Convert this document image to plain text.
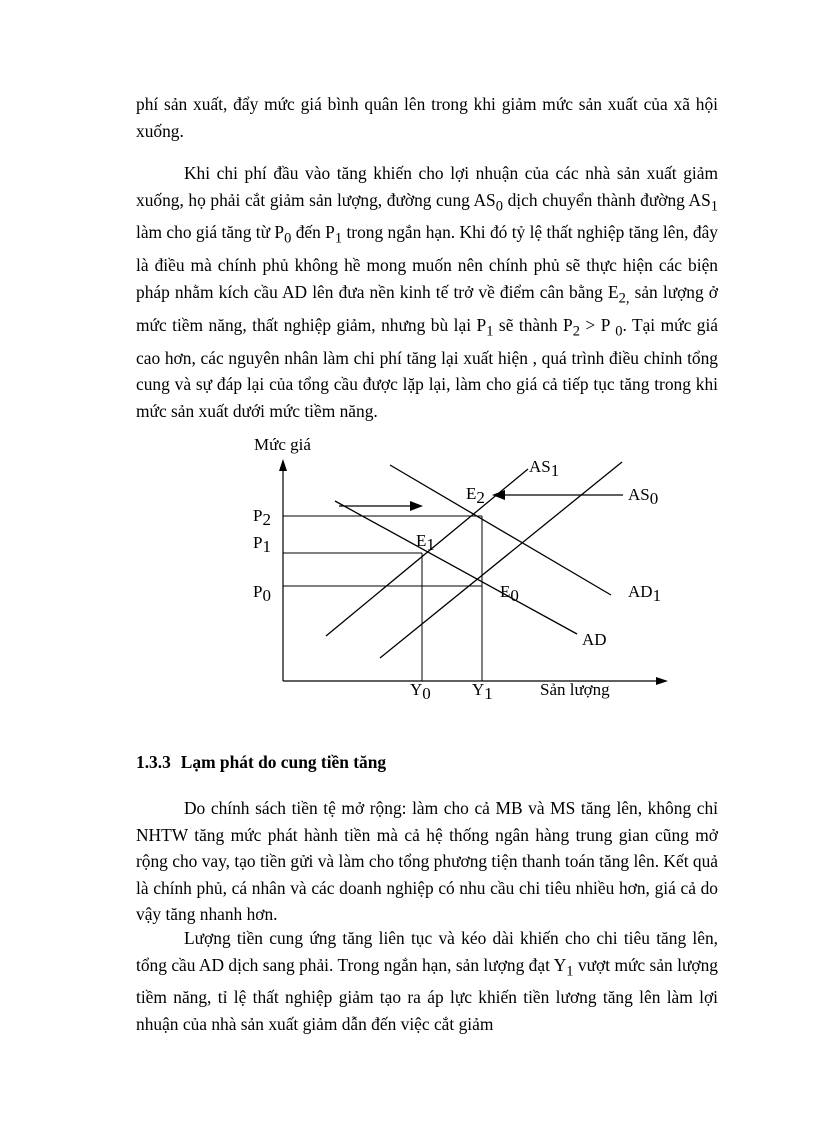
phí sản xuất, đẩy mức giá bình quân lên trong khi giảm mức sản xuất của xã hội xuống.

Khi chi phí đầu vào tăng khiến cho lợi nhuận của các nhà sản xuất giảm xuống, họ phải cắt giảm sản lượng, đường cung $AS_0$ dịch chuyển thành đường $AS_1$ làm cho giá tăng từ $P_0$ đến $P_1$ trong ngắn hạn. Khi đó tỷ lệ thất nghiệp tăng lên, đây là điều mà chính phủ không hề mong muốn nên chính phủ sẽ thực hiện các biện pháp nhằm kích cầu AD lên đưa nền kinh tế trở về điểm cân bằng $E_{2,}$ sản lượng ở mức tiềm năng, thất nghiệp giảm, nhưng bù lại $P_1$ sẽ thành $P_2 > P$ $_0$. Tại mức giá cao hơn, các nguyên nhân làm chi phí tăng lại xuất hiện , quá trình điều chỉnh tổng cung và sự đáp lại của tổng cầu được lặp lại, làm cho giá cả tiếp tục tăng trong khi mức sản xuất dưới mức tiềm năng.

Mức giá
Sản lượng
P2
P1
P0
Y0 Y1
E2
E1
E0
AS1
AS0
AD1
AD
1.3.3 Lạm phát do cung tiền tăng

Do chính sách tiền tệ mở rộng: làm cho cả MB và MS tăng lên, không chỉ NHTW tăng mức phát hành tiền mà cả hệ thống ngân hàng trung gian cũng mở rộng cho vay, tạo tiền gửi và làm cho tổng phương tiện thanh toán tăng lên. Kết quả là chính phủ, cá nhân và các doanh nghiệp có nhu cầu chi tiêu nhiều hơn, giá cả do vậy tăng nhanh hơn.

Lượng tiền cung ứng tăng liên tục và kéo dài khiến cho chi tiêu tăng lên, tổng cầu AD dịch sang phải. Trong ngắn hạn, sản lượng đạt $Y_1$ vượt mức sản lượng tiềm năng, tỉ lệ thất nghiệp giảm tạo ra áp lực khiến tiền lương tăng lên làm lợi nhuận của nhà sản xuất giảm dẫn đến việc cắt giảm
